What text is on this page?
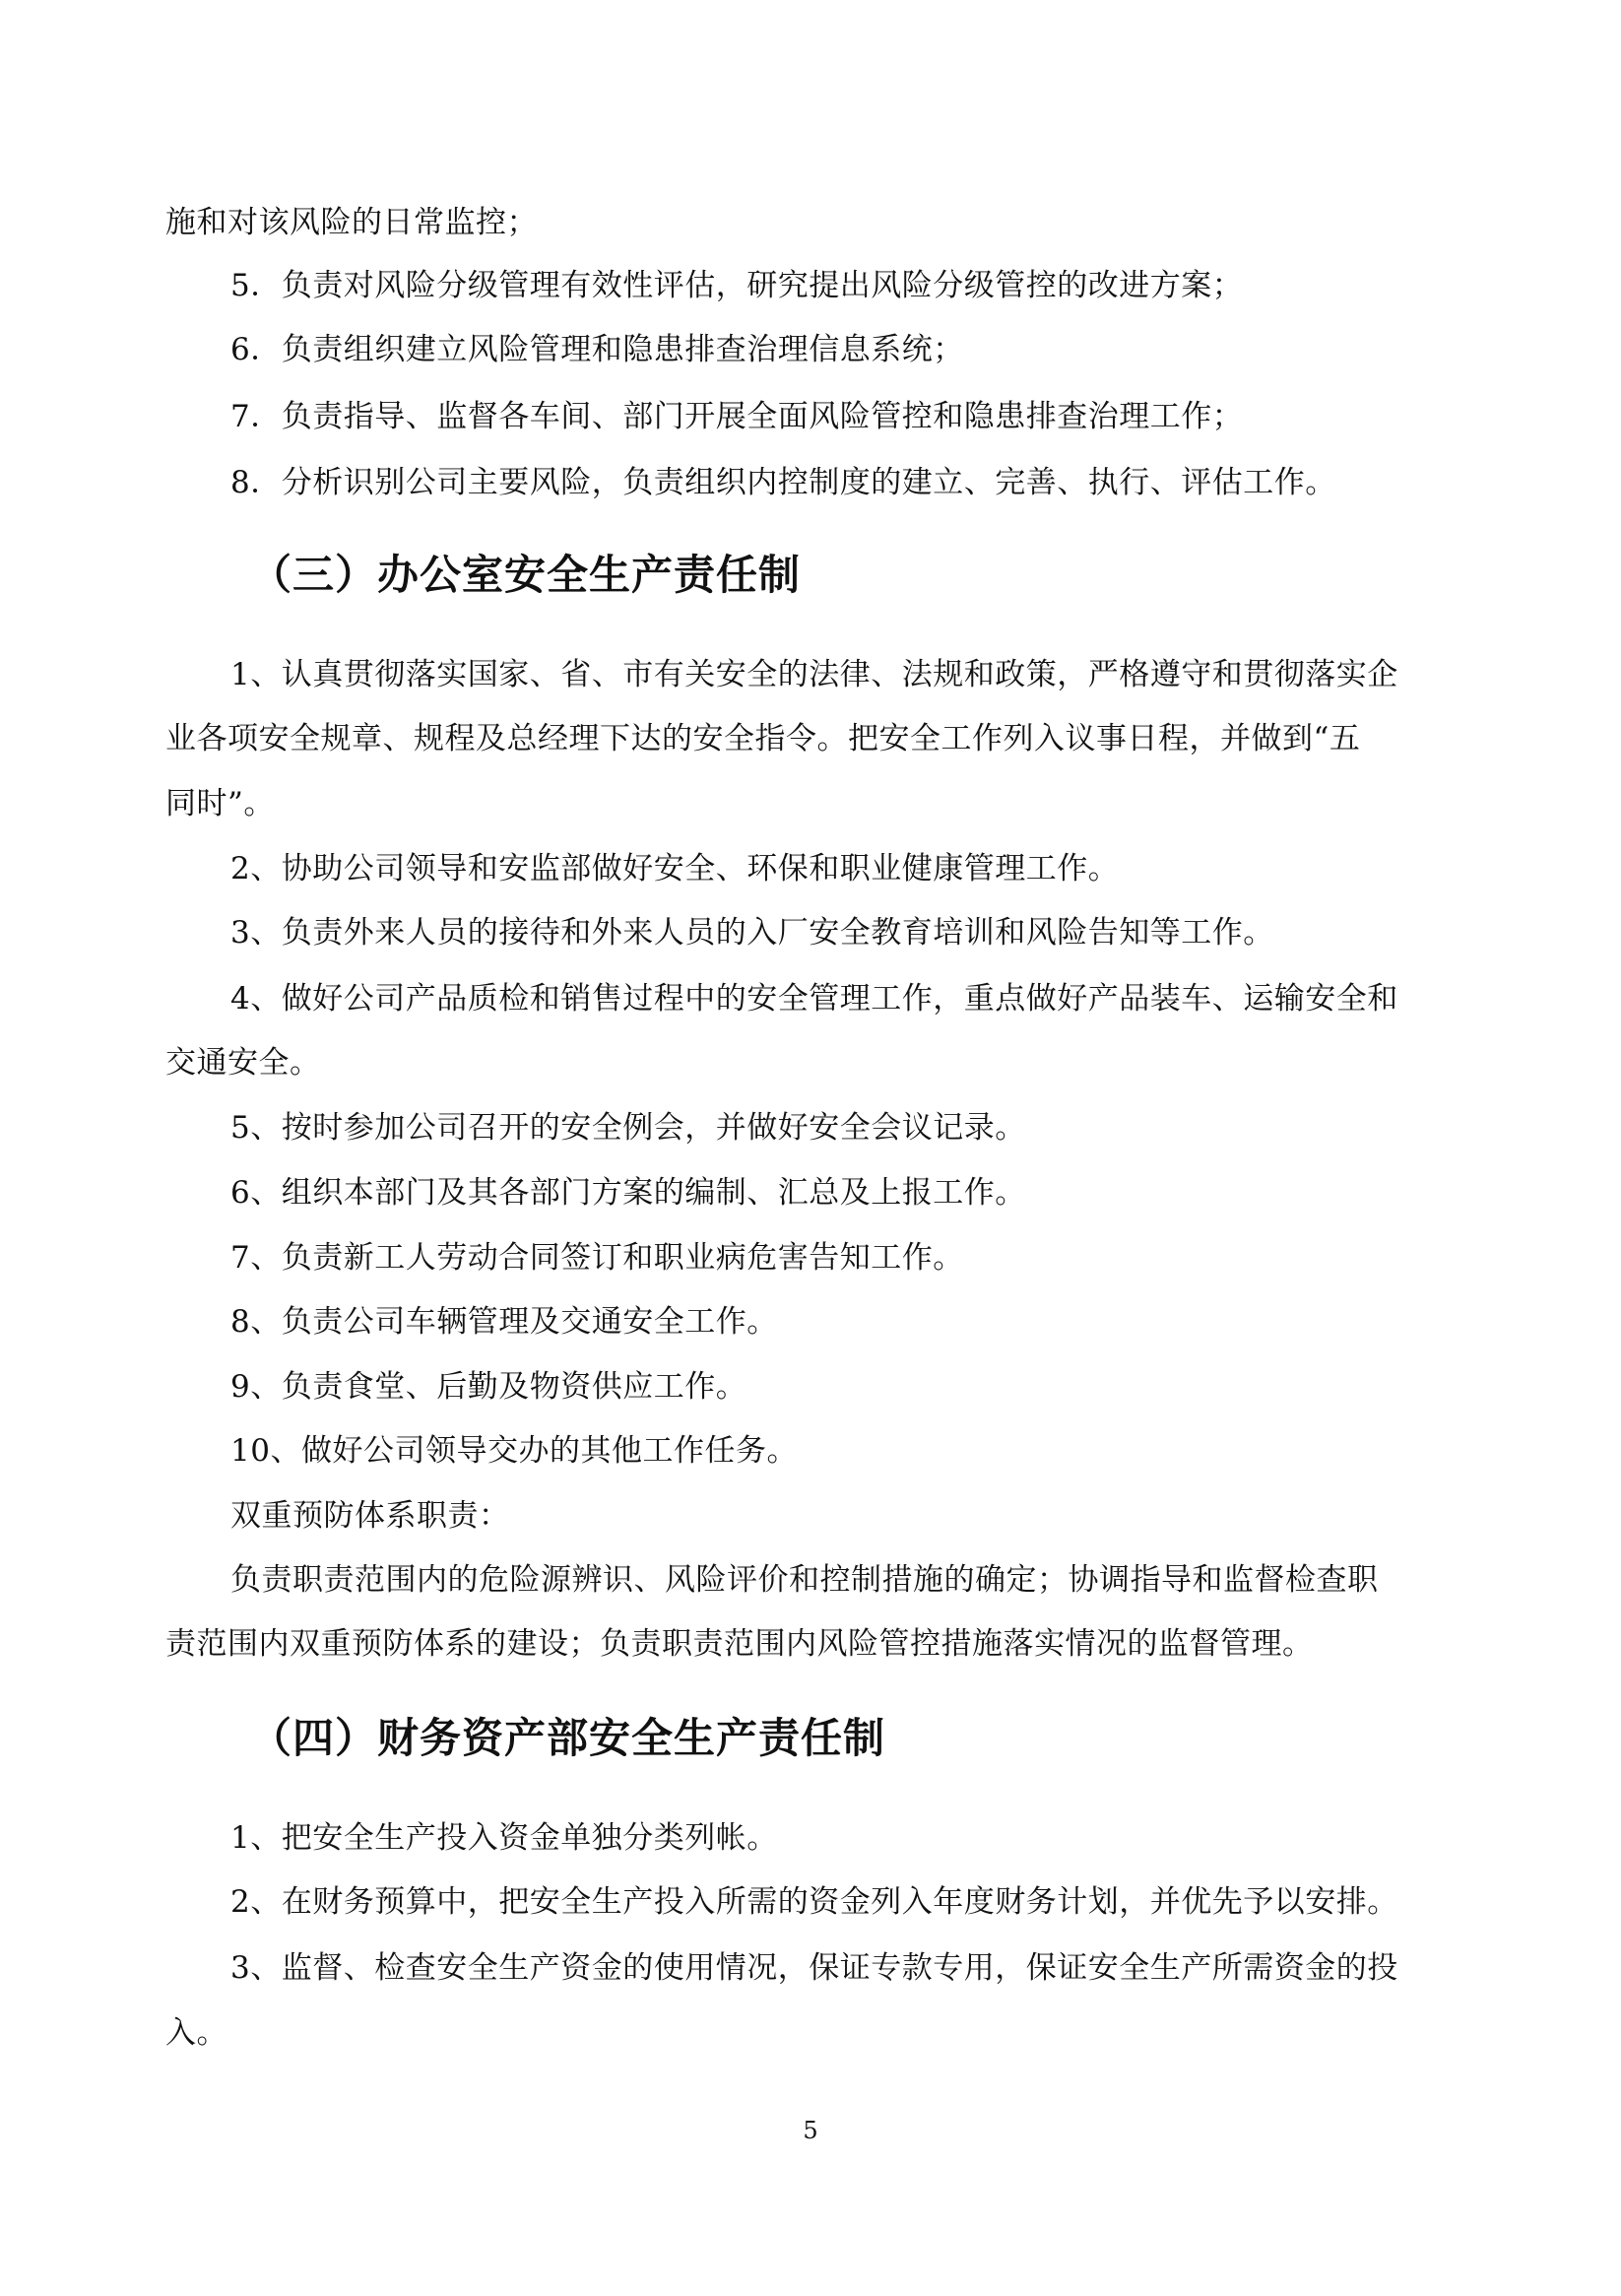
施和对该风险的日常监控；
5．负责对风险分级管理有效性评估，研究提出风险分级管控的改进方案；
6．负责组织建立风险管理和隐患排查治理信息系统；
7．负责指导、监督各车间、部门开展全面风险管控和隐患排查治理工作；
8．分析识别公司主要风险，负责组织内控制度的建立、完善、执行、评估工作。
（三）办公室安全生产责任制
1、认真贯彻落实国家、省、市有关安全的法律、法规和政策，严格遵守和贯彻落实企
业各项安全规章、规程及总经理下达的安全指令。把安全工作列入议事日程，并做到“五
同时”。
2、协助公司领导和安监部做好安全、环保和职业健康管理工作。
3、负责外来人员的接待和外来人员的入厂安全教育培训和风险告知等工作。
4、做好公司产品质检和销售过程中的安全管理工作，重点做好产品装车、运输安全和
交通安全。
5、按时参加公司召开的安全例会，并做好安全会议记录。
6、组织本部门及其各部门方案的编制、汇总及上报工作。
7、负责新工人劳动合同签订和职业病危害告知工作。
8、负责公司车辆管理及交通安全工作。
9、负责食堂、后勤及物资供应工作。
10、做好公司领导交办的其他工作任务。
双重预防体系职责：
负责职责范围内的危险源辨识、风险评价和控制措施的确定；协调指导和监督检查职
责范围内双重预防体系的建设；负责职责范围内风险管控措施落实情况的监督管理。
（四）财务资产部安全生产责任制
1、把安全生产投入资金单独分类列帐。
2、在财务预算中，把安全生产投入所需的资金列入年度财务计划，并优先予以安排。
3、监督、检查安全生产资金的使用情况，保证专款专用，保证安全生产所需资金的投
入。
5
